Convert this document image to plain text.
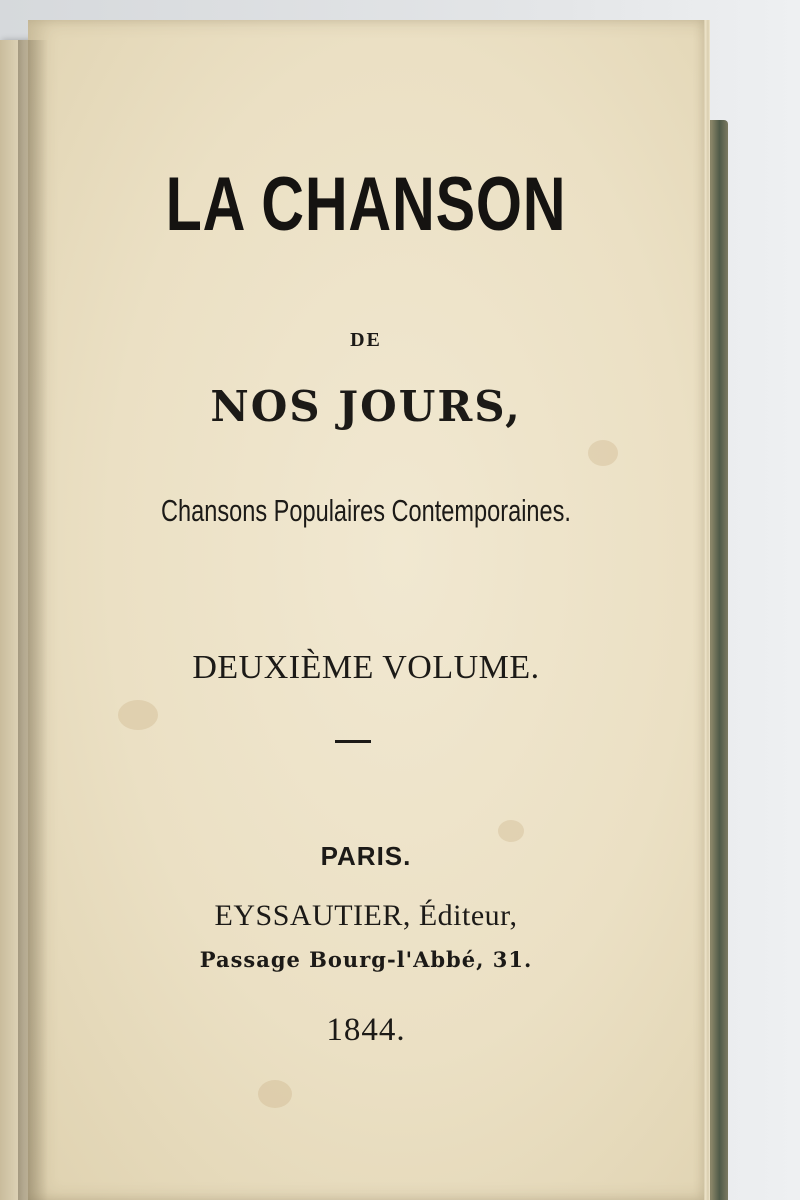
LA CHANSON
DE
NOS JOURS,
Chansons Populaires Contemporaines.
DEUXIÈME VOLUME.
PARIS.
EYSSAUTIER, Éditeur,
Passage Bourg-l'Abbé, 31.
1844.
